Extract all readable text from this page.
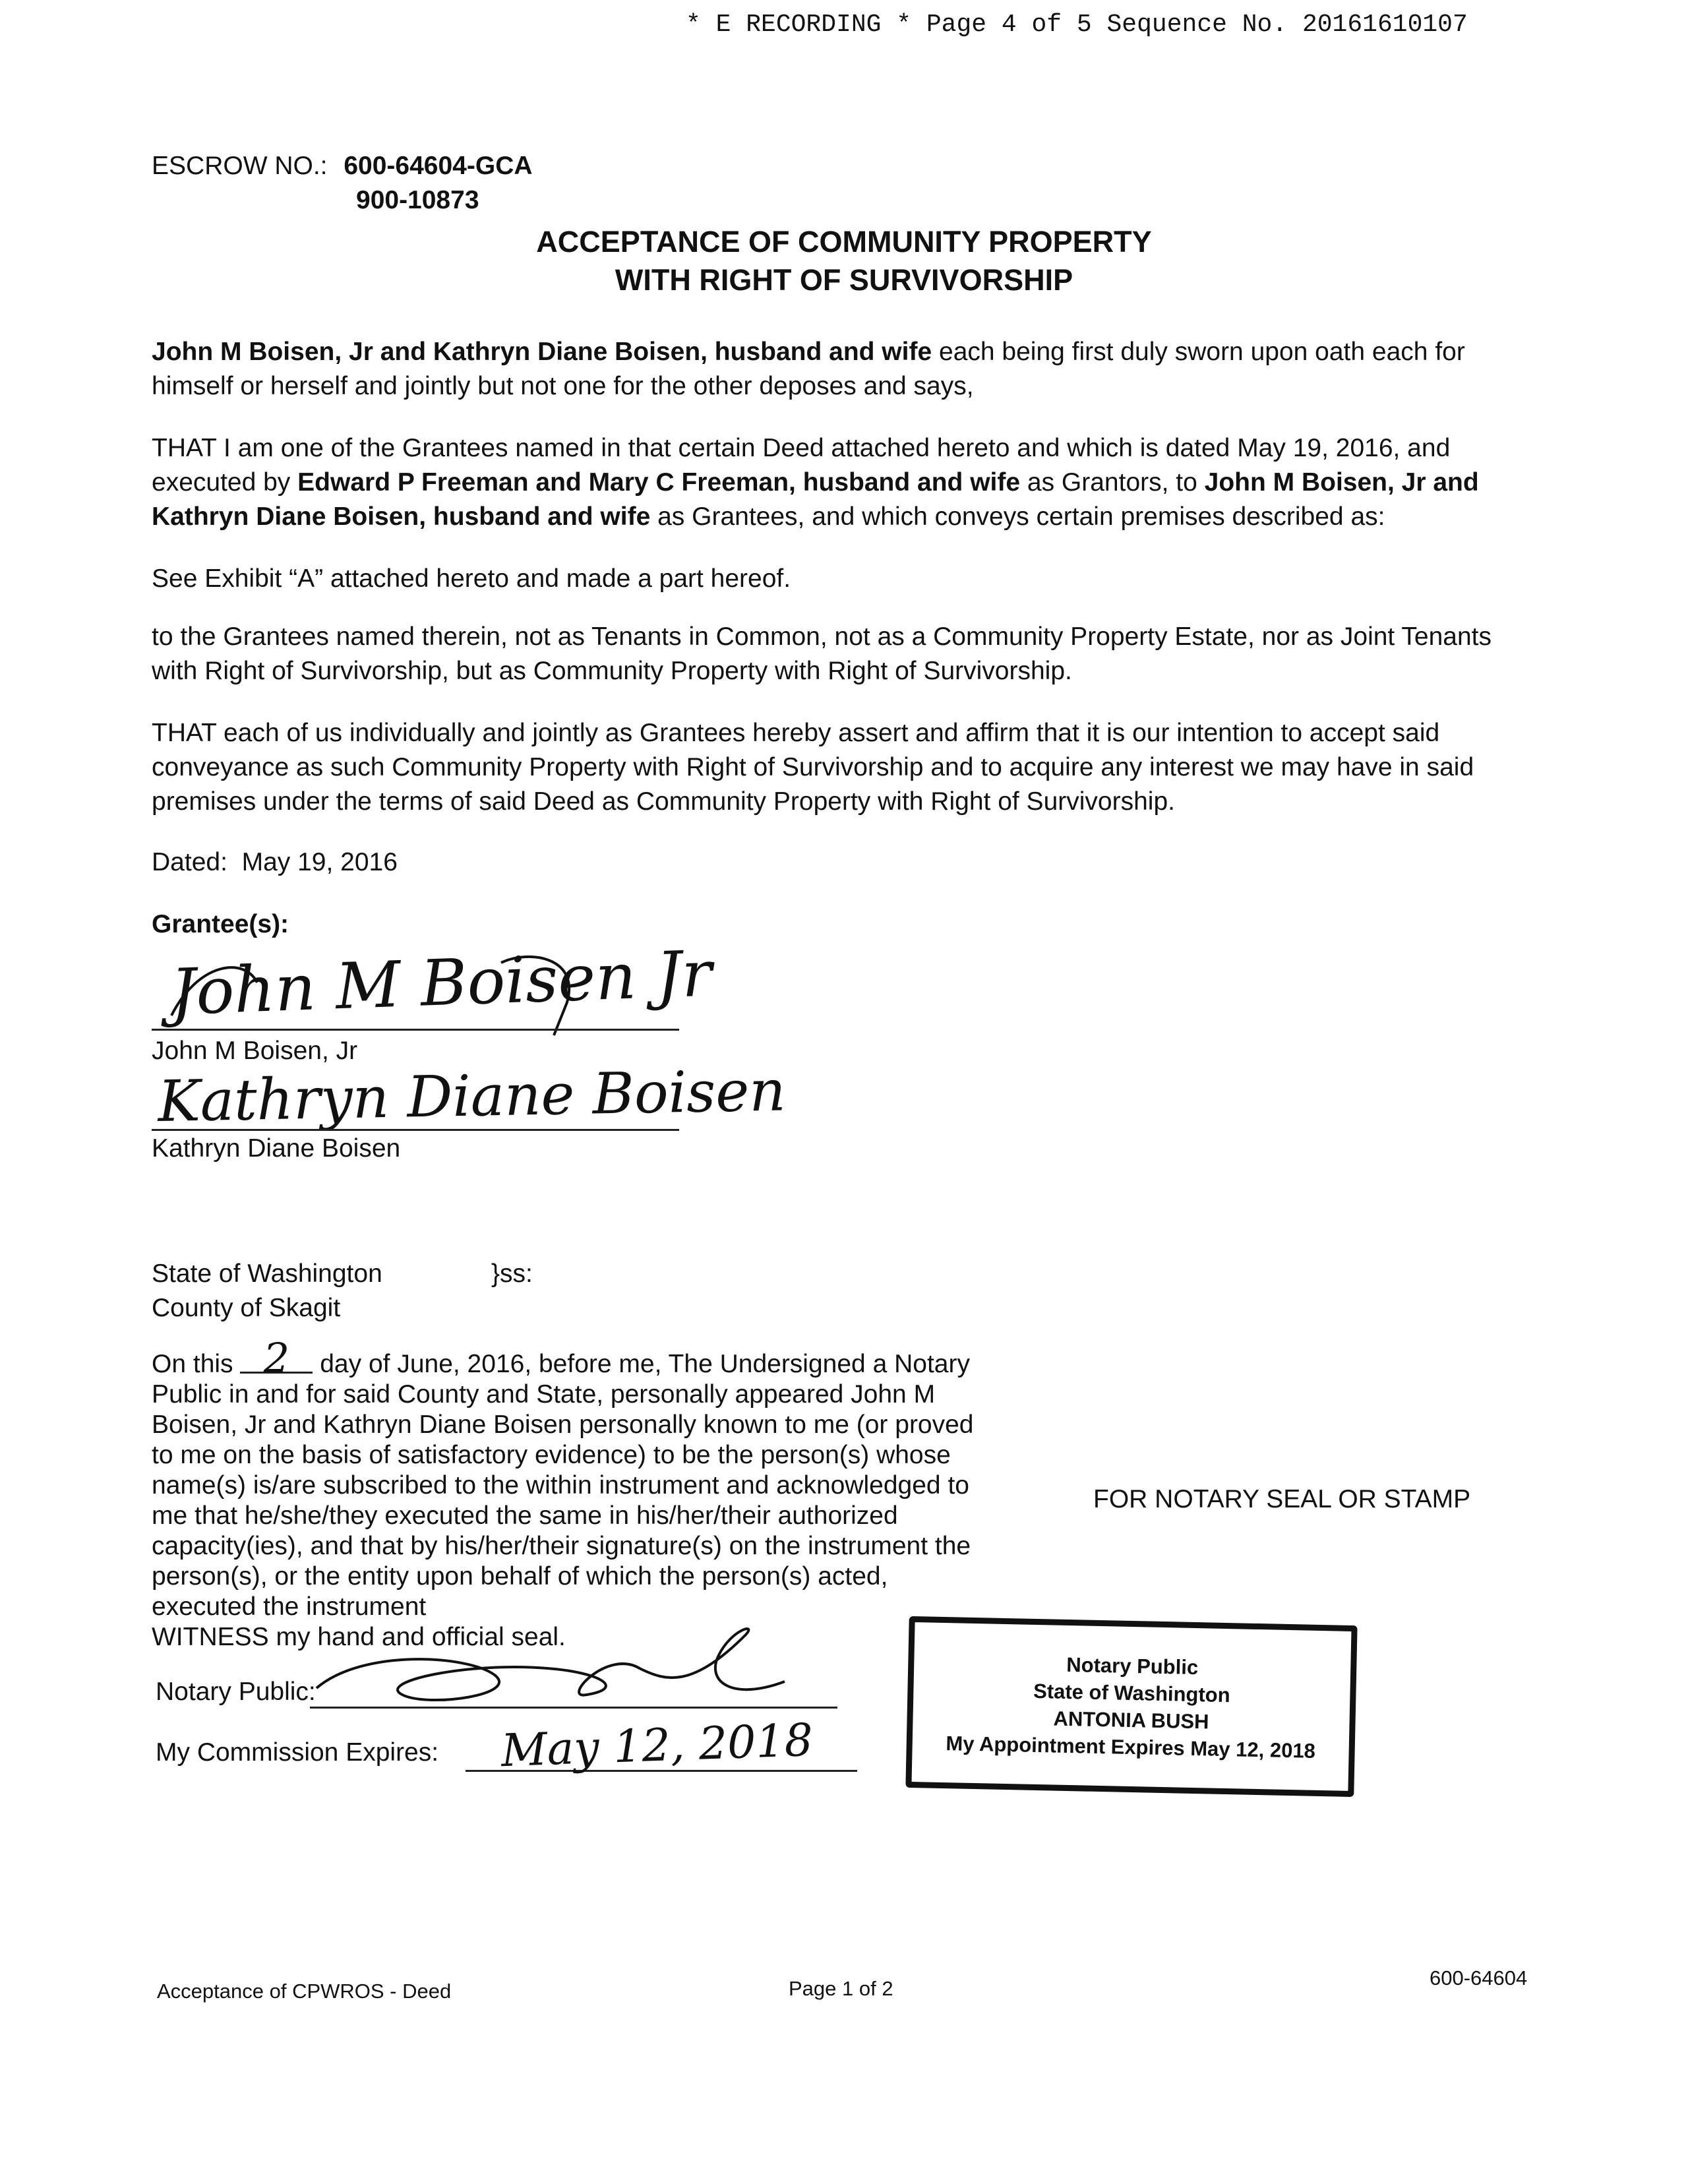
* E RECORDING * Page 4 of 5 Sequence No. 20161610107
ESCROW NO.: 600-64604-GCA
900-10873
ACCEPTANCE OF COMMUNITY PROPERTY
WITH RIGHT OF SURVIVORSHIP
John M Boisen, Jr and Kathryn Diane Boisen, husband and wife each being first duly sworn upon oath each for himself or herself and jointly but not one for the other deposes and says,
THAT I am one of the Grantees named in that certain Deed attached hereto and which is dated May 19, 2016, and executed by Edward P Freeman and Mary C Freeman, husband and wife as Grantors, to John M Boisen, Jr and Kathryn Diane Boisen, husband and wife as Grantees, and which conveys certain premises described as:
See Exhibit “A” attached hereto and made a part hereof.
to the Grantees named therein, not as Tenants in Common, not as a Community Property Estate, nor as Joint Tenants with Right of Survivorship, but as Community Property with Right of Survivorship.
THAT each of us individually and jointly as Grantees hereby assert and affirm that it is our intention to accept said conveyance as such Community Property with Right of Survivorship and to acquire any interest we may have in said premises under the terms of said Deed as Community Property with Right of Survivorship.
Dated:  May 19, 2016
Grantee(s):
John M Boisen Jr
John M Boisen, Jr
Kathryn Diane Boisen
Kathryn Diane Boisen
State of Washington
County of Skagit
}ss:
On this 2 day of June, 2016, before me, The Undersigned a Notary
Public in and for said County and State, personally appeared John M
Boisen, Jr and Kathryn Diane Boisen personally known to me (or proved
to me on the basis of satisfactory evidence) to be the person(s) whose
name(s) is/are subscribed to the within instrument and acknowledged to
me that he/she/they executed the same in his/her/their authorized
capacity(ies), and that by his/her/their signature(s) on the instrument the
person(s), or the entity upon behalf of which the person(s) acted,
executed the instrument
WITNESS my hand and official seal.
FOR NOTARY SEAL OR STAMP
Notary Public:
My Commission Expires: May 12, 2018
Notary Public
State of Washington
ANTONIA BUSH
My Appointment Expires May 12, 2018
Acceptance of CPWROS - Deed	Page 1 of 2	600-64604
